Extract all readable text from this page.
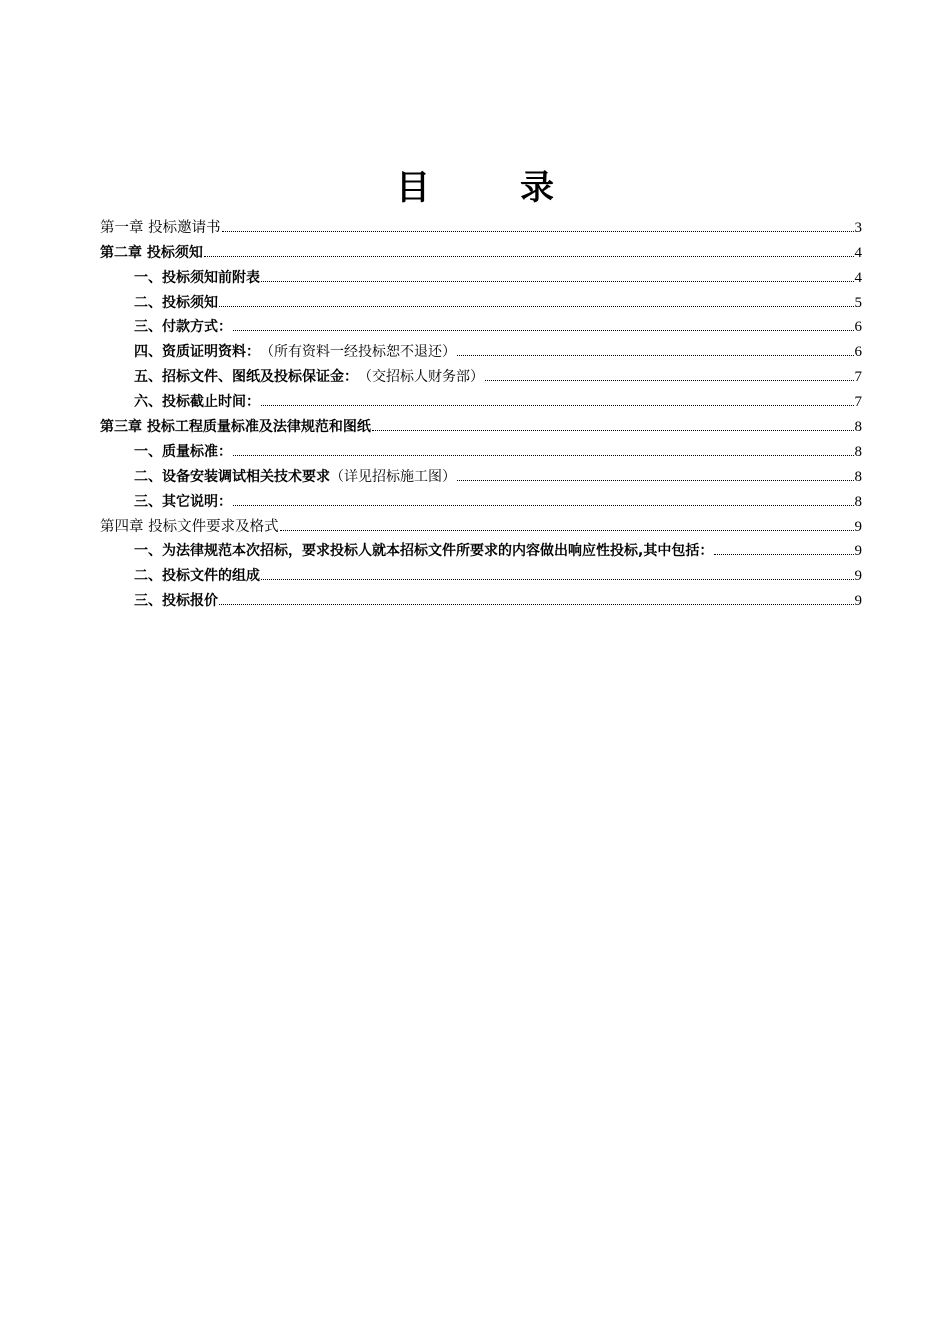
目录
第一章 投标邀请书	3
第二章 投标须知	4
一、投标须知前附表	4
二、投标须知	5
三、付款方式：	6
四、资质证明资料： （所有资料一经投标恕不退还）	6
五、招标文件、图纸及投标保证金： （交招标人财务部）	7
六、投标截止时间：	7
第三章 投标工程质量标准及法律规范和图纸	8
一、质量标准：	8
二、设备安装调试相关技术要求 （详见招标施工图）	8
三、其它说明：	8
第四章 投标文件要求及格式	9
一、为法律规范本次招标，要求投标人就本招标文件所要求的内容做出响应性投标,其中包括：	9
二、投标文件的组成	9
三、投标报价	9
